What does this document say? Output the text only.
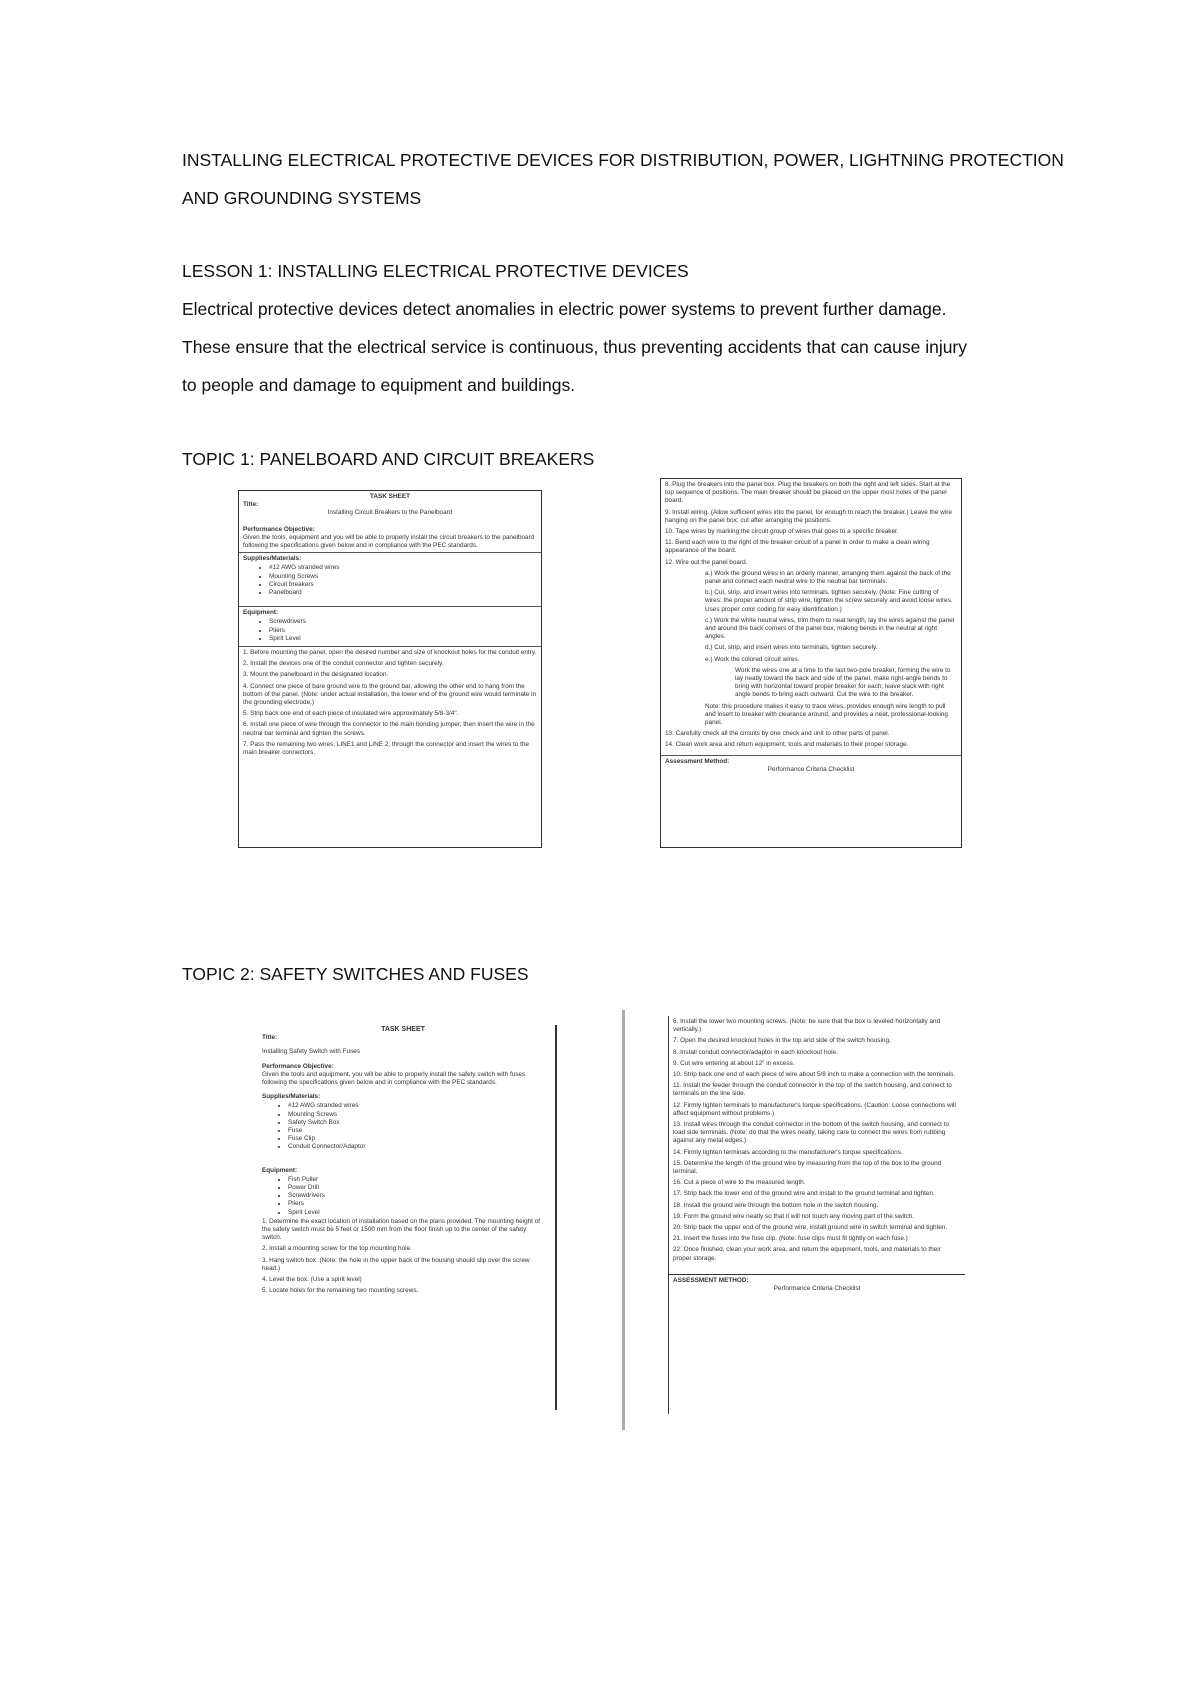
INSTALLING ELECTRICAL PROTECTIVE DEVICES FOR DISTRIBUTION, POWER, LIGHTNING PROTECTION
AND GROUNDING SYSTEMS
LESSON 1: INSTALLING ELECTRICAL PROTECTIVE DEVICES
Electrical protective devices detect anomalies in electric power systems to prevent further damage.
These ensure that the electrical service is continuous, thus preventing accidents that can cause injury
to people and damage to equipment and buildings.
TOPIC 1: PANELBOARD AND CIRCUIT BREAKERS
TASK SHEET
Title:
Installing Circuit Breakers to the Panelboard
Performance Objective:
Given the tools, equipment and you will be able to properly install the circuit breakers to the panelboard following the specifications given below and in compliance with the PEC standards.
Supplies/Materials:
• #12 AWG stranded wires
• Mounting Screws
• Circuit breakers
• Panelboard
Equipment:
• Screwdrivers
• Pliers
• Spirit Level

1. Before mounting the panel, open the desired number and size of knockout holes for the conduit entry.

2. Install the devices one of the conduit connector and tighten securely.

3. Mount the panelboard in the designated location.

4. Connect one piece of bare ground wire to the ground bar, allowing the other end to hang from the bottom of the panel. (Note: under actual installation, the lower end of the ground wire would terminate in the grounding electrode.)

5. Strip back one end of each piece of insulated wire approximately 5/8-3/4".

6. Install one piece of wire through the connector to the main bonding jumper, then insert the wire in the neutral bar terminal and tighten the screws.

7. Pass the remaining two wires, LINE1 and LINE 2, through the connector and insert the wires to the main breaker connectors.

8. Plug the breakers into the panel box. Plug the breakers on both the right and left sides. Start at the top sequence of positions. The main breaker should be placed on the upper most holes of the panel board.

9. Install wiring. (Allow sufficient wires into the panel, for enough to reach the breaker.) Leave the wire hanging on the panel box; cut after arranging the positions.

10. Tape wires by marking the circuit group of wires that goes to a specific breaker.

11. Bend each wire to the right of the breaker circuit of a panel in order to make a clean wiring appearance of the board.

12. Wire out the panel board.

a.) Work the ground wires in an orderly manner, arranging them against the back of the panel and connect each neutral wire to the neutral bar terminals.

b.) Cut, strip, and insert wires into terminals, tighten securely. (Note: Fine cutting of wires: the proper amount of strip wire, tighten the screw securely and avoid loose wires. Uses proper color coding for easy identification.)

c.) Work the white neutral wires, trim them to neat length, lay the wires against the panel and around the back corners of the panel box, making bends in the neutral at right angles.

d.) Cut, strip, and insert wires into terminals, tighten securely.

e.) Work the colored circuit wires.

Work the wires one at a time to the last two-pole breaker, forming the wire to lay neatly toward the back and side of the panel, make right-angle bends to bring with horizontal toward proper breaker for each; leave slack with right angle bends to bring each outward. Cut the wire to the breaker.

Note: this procedure makes it easy to trace wires, provides enough wire length to pull and insert to breaker with clearance around, and provides a neat, professional-looking panel.

13. Carefully check all the circuits by one check and unit to other parts of panel.

14. Clean work area and return equipment, tools and materials to their proper storage.

Assessment Method:
Performance Criteria Checklist
TOPIC 2: SAFETY SWITCHES AND FUSES
TASK SHEET
Title:
Installing Safety Switch with Fuses
Performance Objective:
Given the tools and equipment, you will be able to properly install the safety switch with fuses following the specifications given below and in compliance with the PEC standards.
Supplies/Materials:
• #12 AWG stranded wires
• Mounting Screws
• Safety Switch Box
• Fuse
• Fuse Clip
• Conduit Connector/Adaptor
Equipment:
• Fish Puller
• Power Drill
• Screwdrivers
• Pliers
• Spirit Level

1. Determine the exact location of installation based on the plans provided. The mounting height of the safety switch must be 5 feet or 1500 mm from the floor finish up to the center of the safety switch.

2. Install a mounting screw for the top mounting hole.

3. Hang switch box. (Note: the hole in the upper back of the housing should slip over the screw head.)

4. Level the box. (Use a spirit level)

5. Locate holes for the remaining two mounting screws.

6. Install the lower two mounting screws. (Note: be sure that the box is leveled horizontally and vertically.)

7. Open the desired knockout holes in the top and side of the switch housing.

8. Install conduit connector/adaptor in each knockout hole.

9. Cut wire entering at about 12" in excess.

10. Strip back one end of each piece of wire about 5/8 inch to make a connection with the terminals.

11. Install the feeder through the conduit connector in the top of the switch housing, and connect to terminals on the line side.

12. Firmly tighten terminals to manufacturer's torque specifications. (Caution: Loose connections will affect equipment without problems.)

13. Install wires through the conduit connector in the bottom of the switch housing, and connect to load side terminals. (Note: do that the wires neatly, taking care to connect the wires from rubbing against any metal edges.)

14. Firmly tighten terminals according to the manufacturer's torque specifications.

15. Determine the length of the ground wire by measuring from the top of the box to the ground terminal.

16. Cut a piece of wire to the measured length.

17. Strip back the lower end of the ground wire and install to the ground terminal and tighten.

18. Install the ground wire through the bottom hole in the switch housing.

19. Form the ground wire neatly so that it will not touch any moving part of the switch.

20. Strip back the upper end of the ground wire, install ground wire in switch terminal and tighten.

21. Insert the fuses into the fuse clip. (Note: fuse clips must fit tightly on each fuse.)

22. Once finished, clean your work area, and return the equipment, tools, and materials to their proper storage.

ASSESSMENT METHOD:
Performance Criteria Checklist
